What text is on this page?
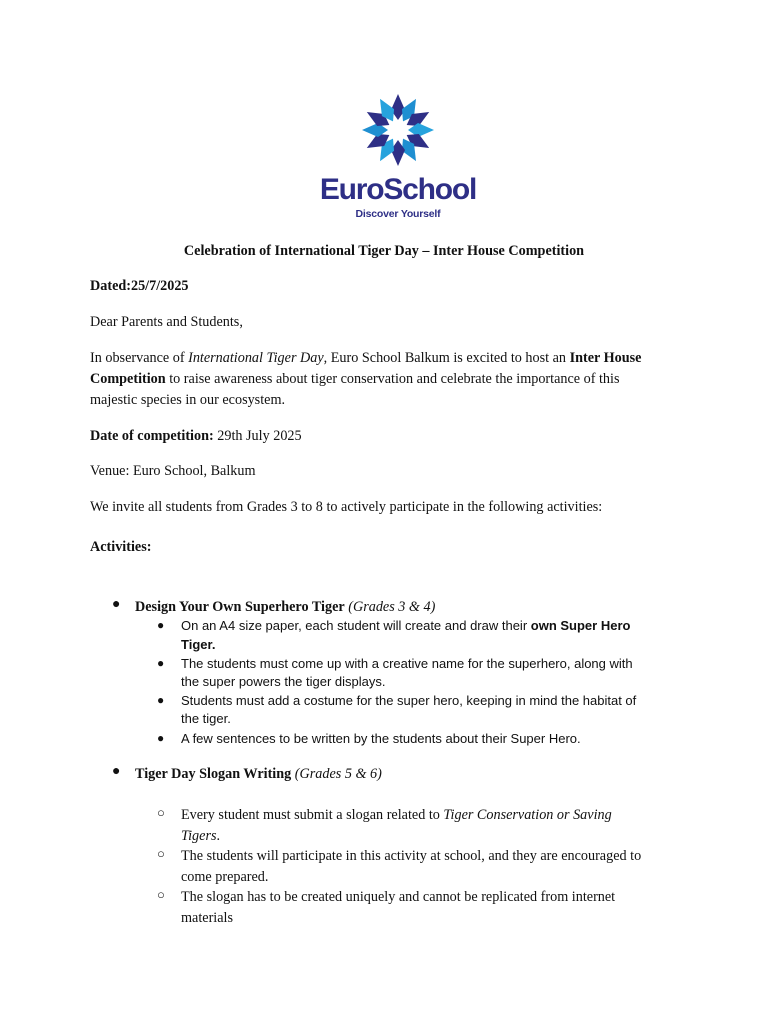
EuroSchool
Discover Yourself
Celebration of International Tiger Day – Inter House Competition
Dated:25/7/2025
Dear Parents and Students,
In observance of International Tiger Day, Euro School Balkum is excited to host an Inter House
Competition to raise awareness about tiger conservation and celebrate the importance of this
majestic species in our ecosystem.
Date of competition: 29th July 2025
Venue: Euro School, Balkum
We invite all students from Grades 3 to 8 to actively participate in the following activities:
Activities:
● Design Your Own Superhero Tiger (Grades 3 & 4)
● On an A4 size paper, each student will create and draw their own Super Hero
Tiger.
● The students must come up with a creative name for the superhero, along with
the super powers the tiger displays.
● Students must add a costume for the super hero, keeping in mind the habitat of
the tiger.
● A few sentences to be written by the students about their Super Hero.
● Tiger Day Slogan Writing (Grades 5 & 6)
○ Every student must submit a slogan related to Tiger Conservation or Saving
Tigers.
○ The students will participate in this activity at school, and they are encouraged to
come prepared.
○ The slogan has to be created uniquely and cannot be replicated from internet
materials
